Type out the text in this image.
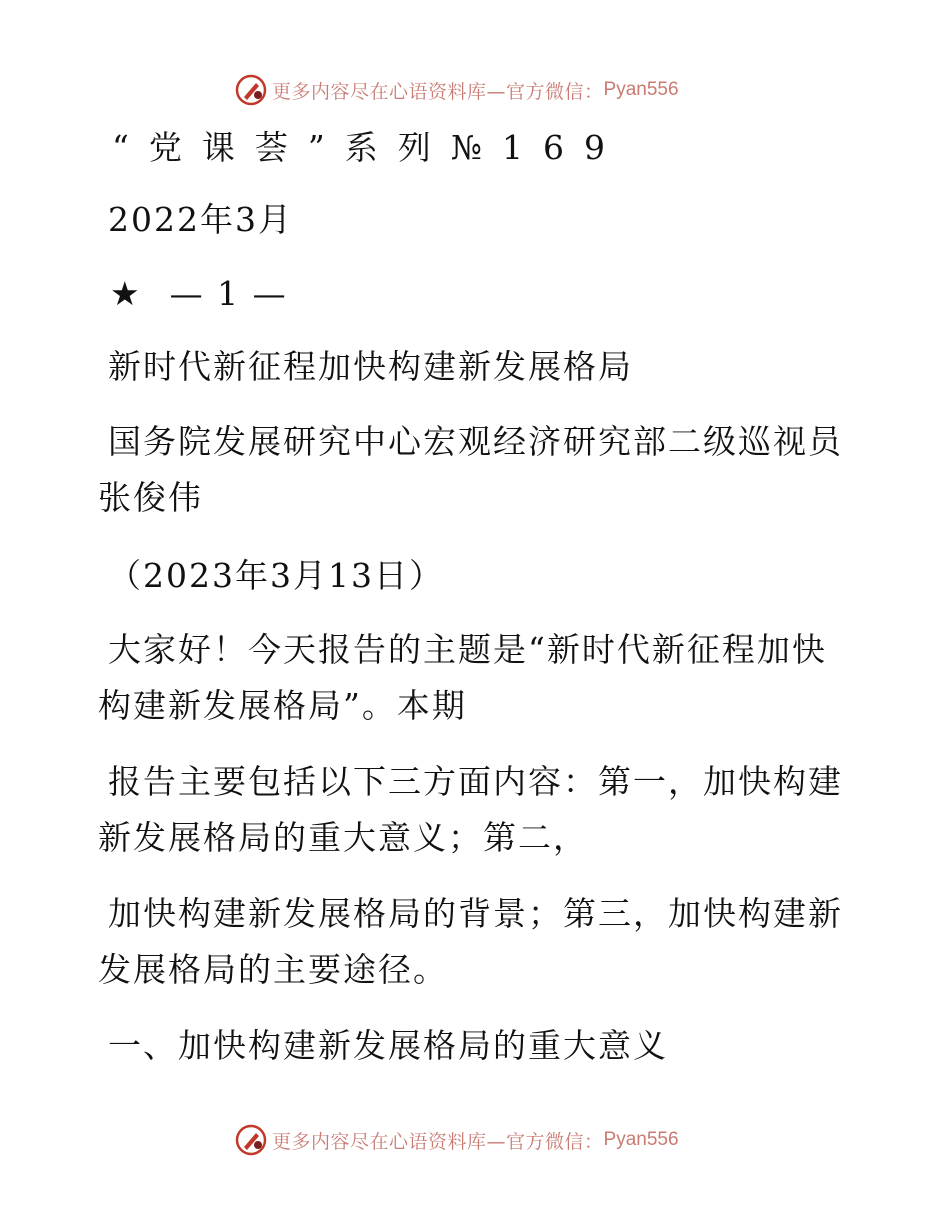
更多内容尽在心语资料库—官方微信： Pyan556
“党课荟”系列№169
2022年3月
★ — 1 —
新时代新征程加快构建新发展格局
国务院发展研究中心宏观经济研究部二级巡视员
张俊伟
（2023年3月13日）
大家好！今天报告的主题是“新时代新征程加快
构建新发展格局”。本期
报告主要包括以下三方面内容：第一，加快构建
新发展格局的重大意义；第二，
加快构建新发展格局的背景；第三，加快构建新
发展格局的主要途径。
一、加快构建新发展格局的重大意义
更多内容尽在心语资料库—官方微信： Pyan556
